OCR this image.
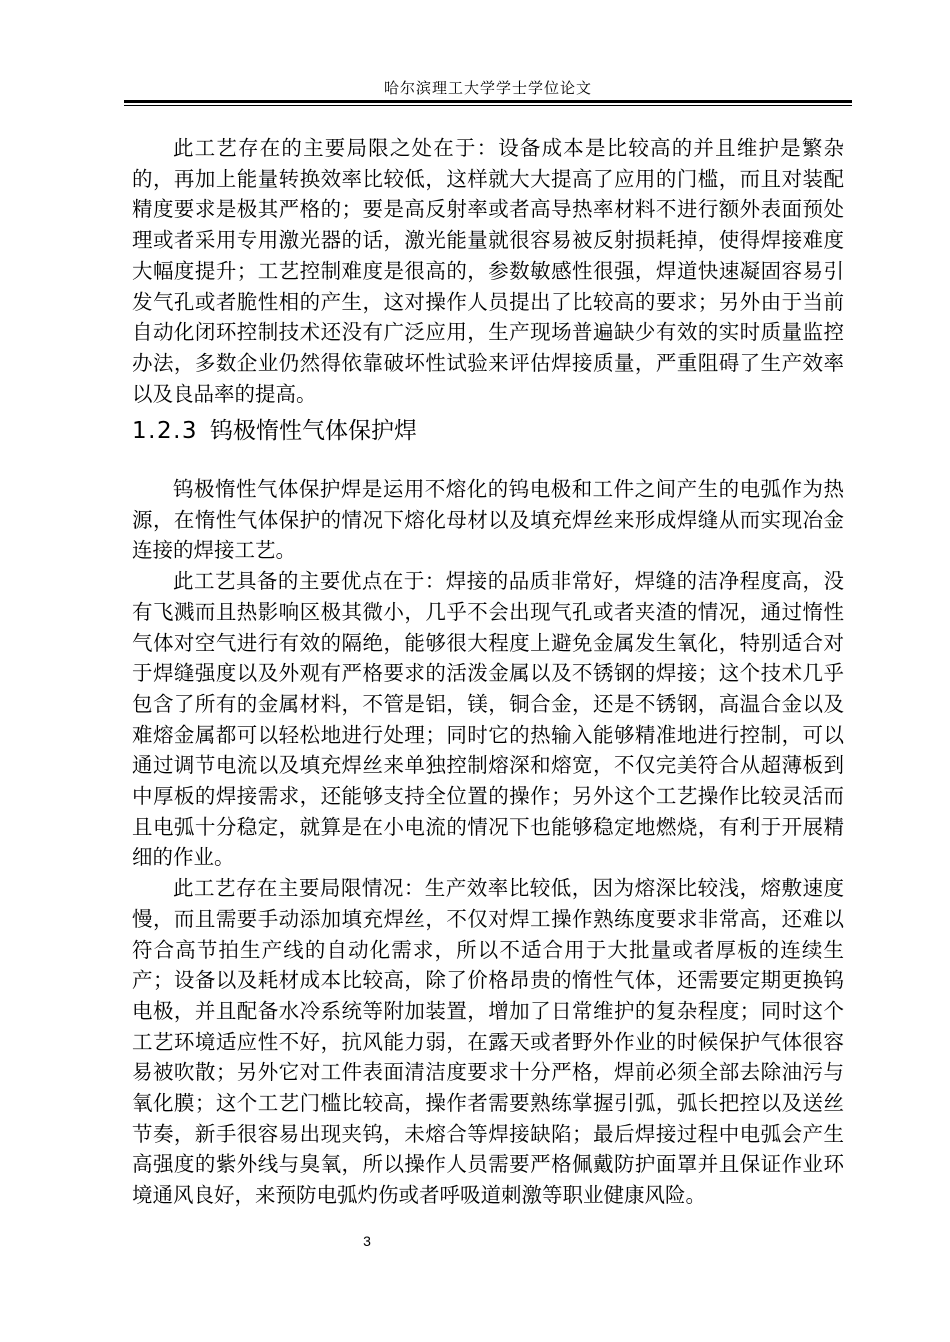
哈尔滨理工大学学士学位论文

此工艺存在的主要局限之处在于：设备成本是比较高的并且维护是繁杂的，再加上能量转换效率比较低，这样就大大提高了应用的门槛，而且对装配精度要求是极其严格的；要是高反射率或者高导热率材料不进行额外表面预处理或者采用专用激光器的话，激光能量就很容易被反射损耗掉，使得焊接难度大幅度提升；工艺控制难度是很高的，参数敏感性很强，焊道快速凝固容易引发气孔或者脆性相的产生，这对操作人员提出了比较高的要求；另外由于当前自动化闭环控制技术还没有广泛应用，生产现场普遍缺少有效的实时质量监控办法，多数企业仍然得依靠破坏性试验来评估焊接质量，严重阻碍了生产效率以及良品率的提高。

1.2.3 钨极惰性气体保护焊

钨极惰性气体保护焊是运用不熔化的钨电极和工件之间产生的电弧作为热源，在惰性气体保护的情况下熔化母材以及填充焊丝来形成焊缝从而实现冶金连接的焊接工艺。

此工艺具备的主要优点在于：焊接的品质非常好，焊缝的洁净程度高，没有飞溅而且热影响区极其微小，几乎不会出现气孔或者夹渣的情况，通过惰性气体对空气进行有效的隔绝，能够很大程度上避免金属发生氧化，特别适合对于焊缝强度以及外观有严格要求的活泼金属以及不锈钢的焊接；这个技术几乎包含了所有的金属材料，不管是铝，镁，铜合金，还是不锈钢，高温合金以及难熔金属都可以轻松地进行处理；同时它的热输入能够精准地进行控制，可以通过调节电流以及填充焊丝来单独控制熔深和熔宽，不仅完美符合从超薄板到中厚板的焊接需求，还能够支持全位置的操作；另外这个工艺操作比较灵活而且电弧十分稳定，就算是在小电流的情况下也能够稳定地燃烧，有利于开展精细的作业。

此工艺存在主要局限情况：生产效率比较低，因为熔深比较浅，熔敷速度慢，而且需要手动添加填充焊丝，不仅对焊工操作熟练度要求非常高，还难以符合高节拍生产线的自动化需求，所以不适合用于大批量或者厚板的连续生产；设备以及耗材成本比较高，除了价格昂贵的惰性气体，还需要定期更换钨电极，并且配备水冷系统等附加装置，增加了日常维护的复杂程度；同时这个工艺环境适应性不好，抗风能力弱，在露天或者野外作业的时候保护气体很容易被吹散；另外它对工件表面清洁度要求十分严格，焊前必须全部去除油污与氧化膜；这个工艺门槛比较高，操作者需要熟练掌握引弧，弧长把控以及送丝节奏，新手很容易出现夹钨，未熔合等焊接缺陷；最后焊接过程中电弧会产生高强度的紫外线与臭氧，所以操作人员需要严格佩戴防护面罩并且保证作业环境通风良好，来预防电弧灼伤或者呼吸道刺激等职业健康风险。

3
